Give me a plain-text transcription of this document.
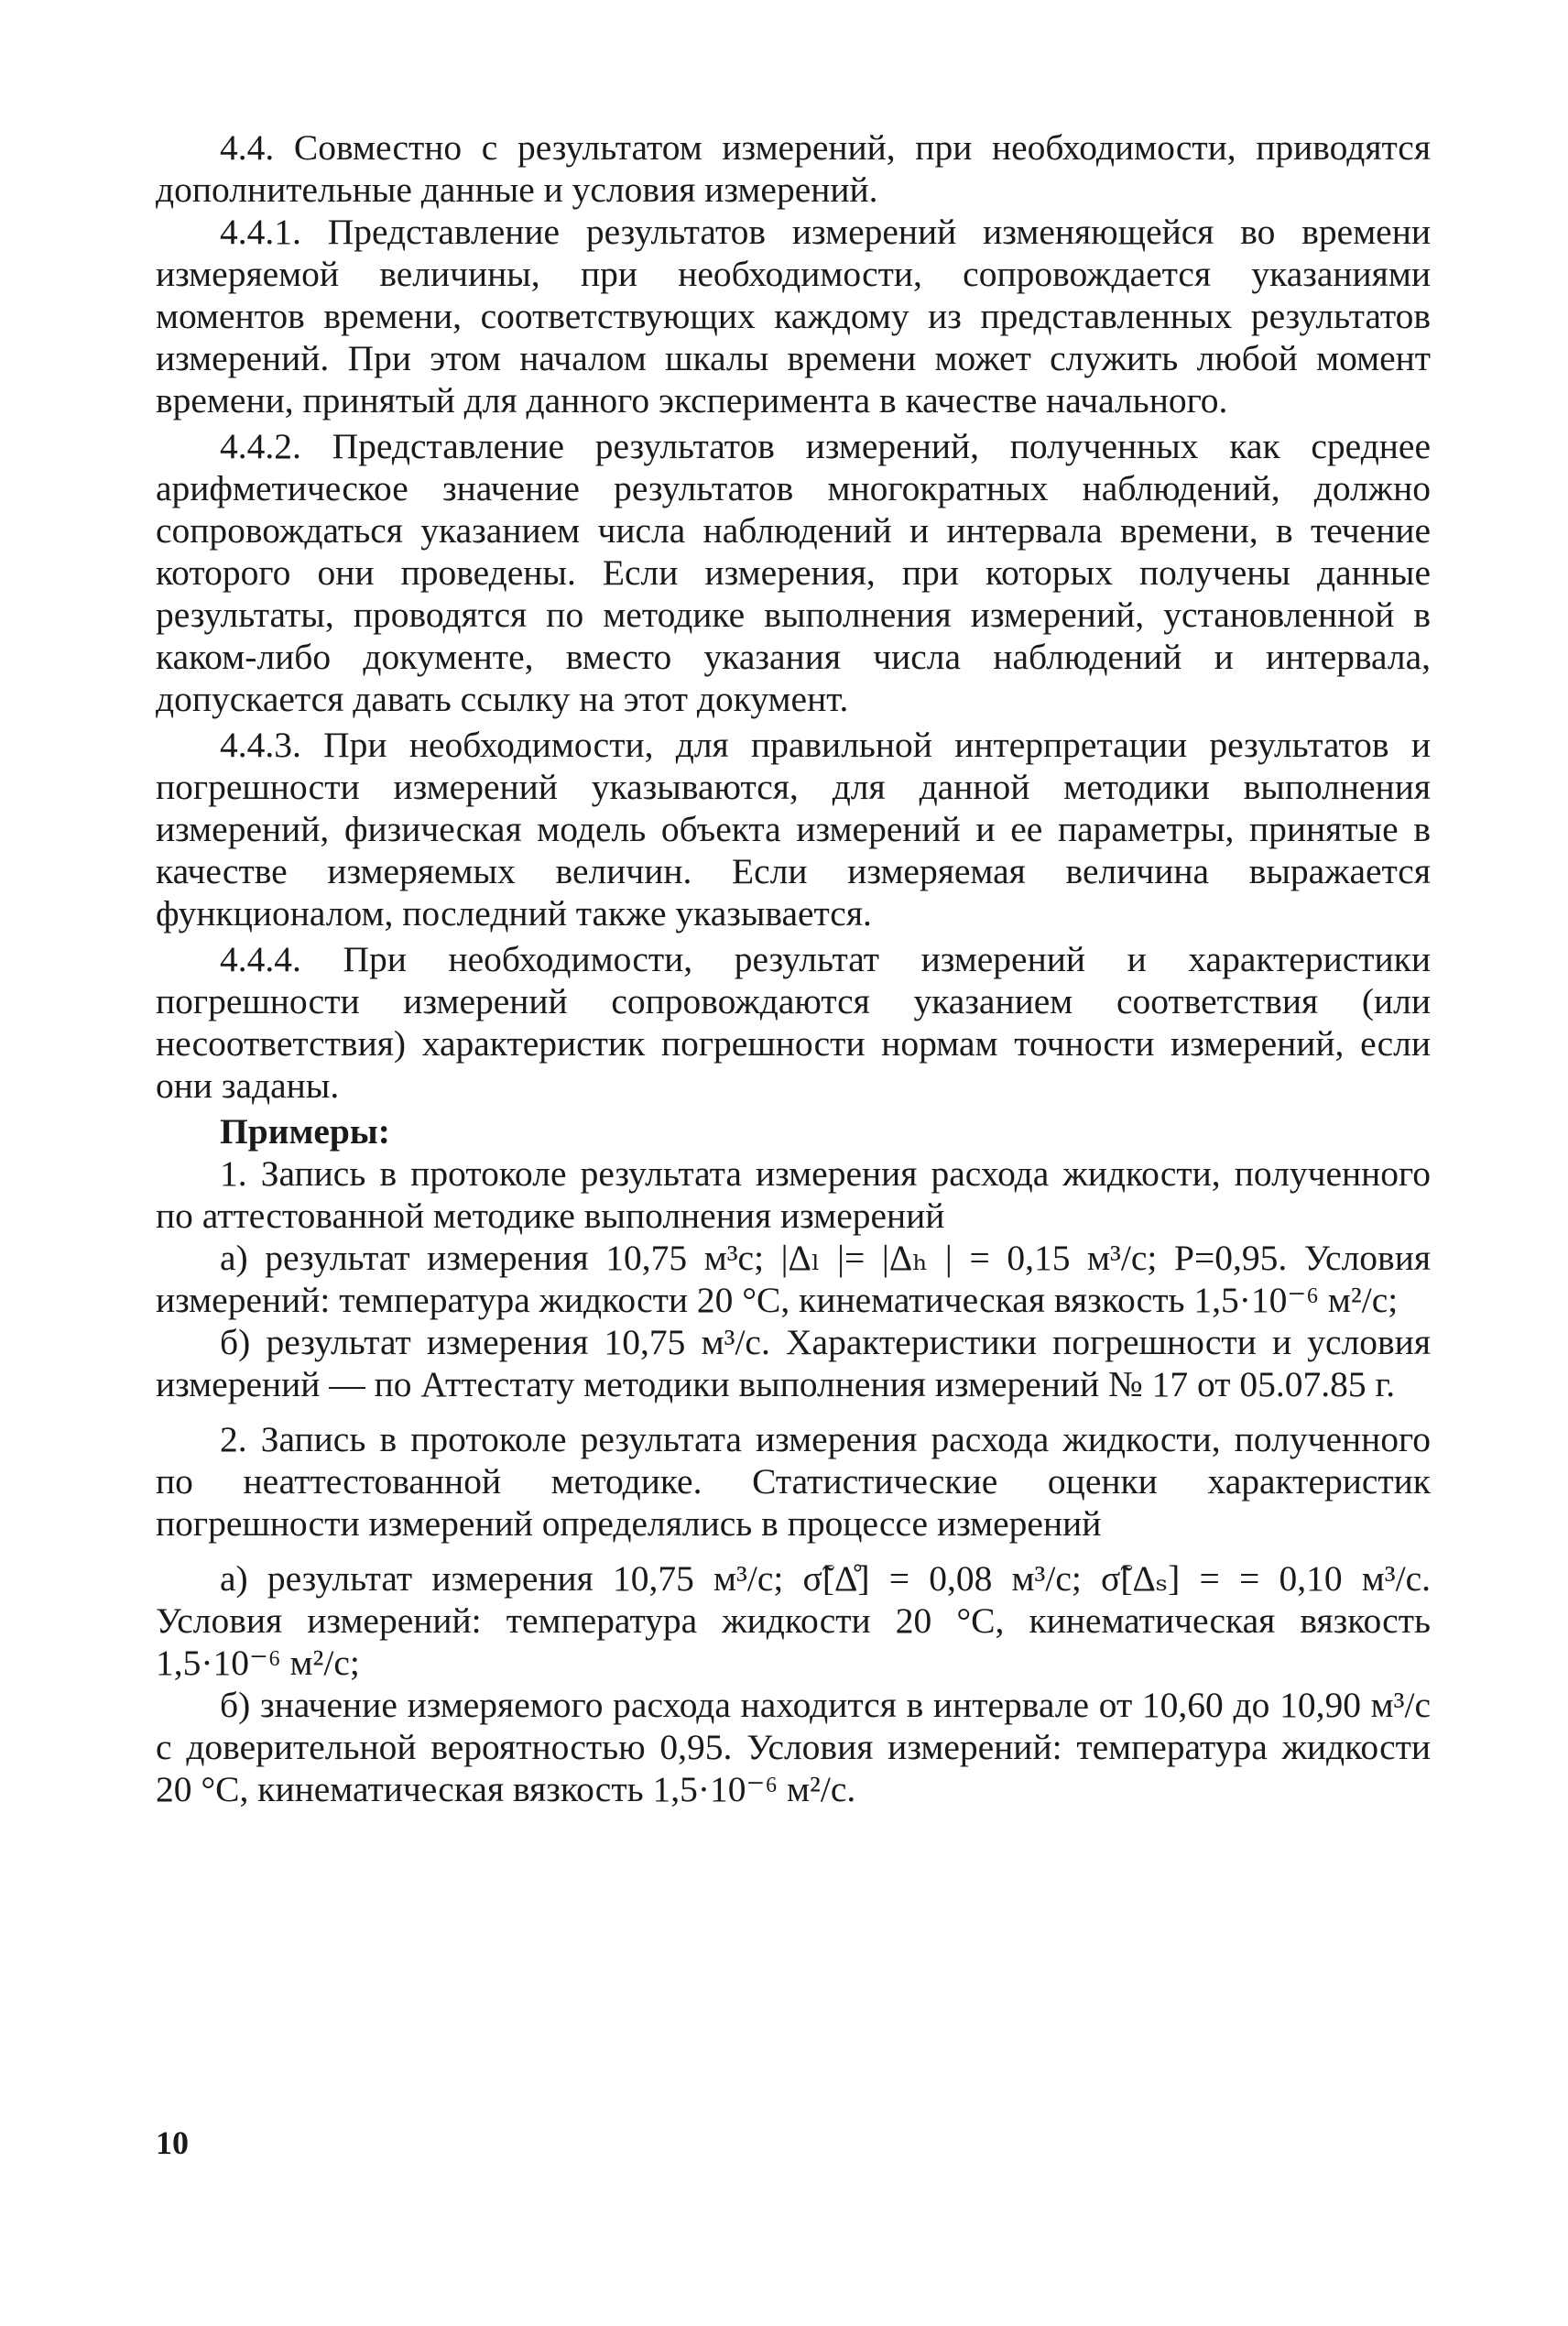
4.4. Совместно с результатом измерений, при необходимости, приводятся дополнительные данные и условия измерений.

4.4.1. Представление результатов измерений изменяющейся во времени измеряемой величины, при необходимости, сопровождается указаниями моментов времени, соответствующих каждому из представленных результатов измерений. При этом началом шкалы времени может служить любой момент времени, принятый для данного эксперимента в качестве начального.

4.4.2. Представление результатов измерений, полученных как среднее арифметическое значение результатов многократных наблюдений, должно сопровождаться указанием числа наблюдений и интервала времени, в течение которого они проведены. Если измерения, при которых получены данные результаты, проводятся по методике выполнения измерений, установленной в каком-либо документе, вместо указания числа наблюдений и интервала, допускается давать ссылку на этот документ.

4.4.3. При необходимости, для правильной интерпретации результатов и погрешности измерений указываются, для данной методики выполнения измерений, физическая модель объекта измерений и ее параметры, принятые в качестве измеряемых величин. Если измеряемая величина выражается функционалом, последний также указывается.

4.4.4. При необходимости, результат измерений и характеристики погрешности измерений сопровождаются указанием соответствия (или несоответствия) характеристик погрешности нормам точности измерений, если они заданы.

Примеры:

1. Запись в протоколе результата измерения расхода жидкости, полученного по аттестованной методике выполнения измерений

а) результат измерения 10,75 м³с; |Δₗ |= |Δₕ | = 0,15 м³/с; P=0,95. Условия измерений: температура жидкости 20 °С, кинематическая вязкость 1,5·10⁻⁶ м²/с;

б) результат измерения 10,75 м³/с. Характеристики погрешности и условия измерений — по Аттестату методики выполнения измерений № 17 от 05.07.85 г.

2. Запись в протоколе результата измерения расхода жидкости, полученного по неаттестованной методике. Статистические оценки характеристик погрешности измерений определялись в процессе измерений

а) результат измерения 10,75 м³/с; σ̃[Δ̊] = 0,08 м³/с; σ̃[Δₛ] = = 0,10 м³/с. Условия измерений: температура жидкости 20 °С, кинематическая вязкость 1,5·10⁻⁶ м²/с;

б) значение измеряемого расхода находится в интервале от 10,60 до 10,90 м³/с с доверительной вероятностью 0,95. Условия измерений: температура жидкости 20 °С, кинематическая вязкость 1,5·10⁻⁶ м²/с.

10
